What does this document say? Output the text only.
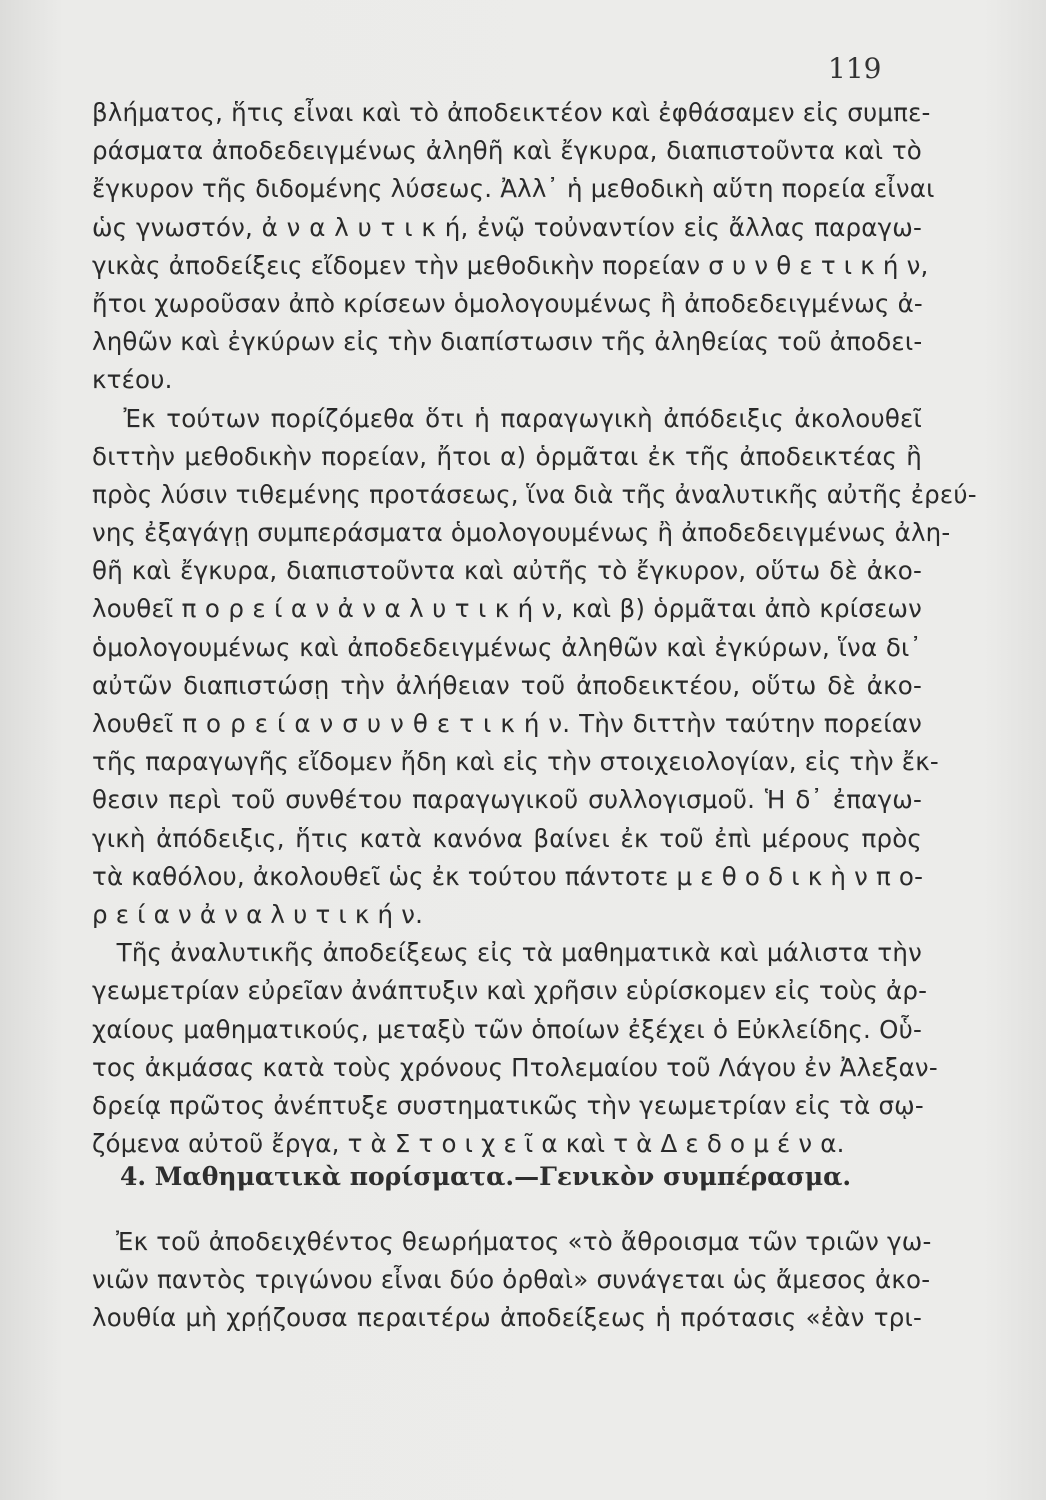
119
βλήματος, ἥτις εἶναι καὶ τὸ ἀποδεικτέον καὶ ἐφθάσαμεν εἰς συμπε-
ράσματα ἀποδεδειγμένως ἀληθῆ καὶ ἔγκυρα, διαπιστοῦντα καὶ τὸ
ἔγκυρον τῆς διδομένης λύσεως. Ἀλλ᾿ ἡ μεθοδικὴ αὕτη πορεία εἶναι
ὡς γνωστόν, ἀ ν α λ υ τ ι κ ή, ἐνῷ τοὐναντίον εἰς ἄλλας παραγω-
γικὰς ἀποδείξεις εἴδομεν τὴν μεθοδικὴν πορείαν σ υ ν θ ε τ ι κ ή ν,
ἤτοι χωροῦσαν ἀπὸ κρίσεων ὁμολογουμένως ἢ ἀποδεδειγμένως ἀ-
ληθῶν καὶ ἐγκύρων εἰς τὴν διαπίστωσιν τῆς ἀληθείας τοῦ ἀποδει-
κτέου.
Ἐκ τούτων πορίζόμεθα ὅτι ἡ παραγωγικὴ ἀπόδειξις ἀκολουθεῖ
διττὴν μεθοδικὴν πορείαν, ἤτοι α) ὁρμᾶται ἐκ τῆς ἀποδεικτέας ἢ
πρὸς λύσιν τιθεμένης προτάσεως, ἵνα διὰ τῆς ἀναλυτικῆς αὐτῆς ἐρεύ-
νης ἐξαγάγῃ συμπεράσματα ὁμολογουμένως ἢ ἀποδεδειγμένως ἀλη-
θῆ καὶ ἔγκυρα, διαπιστοῦντα καὶ αὐτῆς τὸ ἔγκυρον, οὕτω δὲ ἀκο-
λουθεῖ π ο ρ ε ί α ν ἀ ν α λ υ τ ι κ ή ν, καὶ β) ὁρμᾶται ἀπὸ κρίσεων
ὁμολογουμένως καὶ ἀποδεδειγμένως ἀληθῶν καὶ ἐγκύρων, ἵνα δι᾿
αὐτῶν διαπιστώσῃ τὴν ἀλήθειαν τοῦ ἀποδεικτέου, οὕτω δὲ ἀκο-
λουθεῖ π ο ρ ε ί α ν σ υ ν θ ε τ ι κ ή ν. Τὴν διττὴν ταύτην πορείαν
τῆς παραγωγῆς εἴδομεν ἤδη καὶ εἰς τὴν στοιχειολογίαν, εἰς τὴν ἔκ-
θεσιν περὶ τοῦ συνθέτου παραγωγικοῦ συλλογισμοῦ. Ἡ δ᾿ ἐπαγω-
γικὴ ἀπόδειξις, ἥτις κατὰ κανόνα βαίνει ἐκ τοῦ ἐπὶ μέρους πρὸς
τὰ καθόλου, ἀκολουθεῖ ὡς ἐκ τούτου πάντοτε μ ε θ ο δ ι κ ὴ ν π ο-
ρ ε ί α ν ἀ ν α λ υ τ ι κ ή ν.
Τῆς ἀναλυτικῆς ἀποδείξεως εἰς τὰ μαθηματικὰ καὶ μάλιστα τὴν
γεωμετρίαν εὐρεῖαν ἀνάπτυξιν καὶ χρῆσιν εὑρίσκομεν εἰς τοὺς ἀρ-
χαίους μαθηματικούς, μεταξὺ τῶν ὁποίων ἐξέχει ὁ Εὐκλείδης. Οὗ-
τος ἀκμάσας κατὰ τοὺς χρόνους Πτολεμαίου τοῦ Λάγου ἐν Ἀλεξαν-
δρείᾳ πρῶτος ἀνέπτυξε συστηματικῶς τὴν γεωμετρίαν εἰς τὰ σῳ-
ζόμενα αὐτοῦ ἔργα, τ ὰ Σ τ ο ι χ ε ῖ α καὶ τ ὰ Δ ε δ ο μ έ ν α.
4. Μαθηματικὰ πορίσματα.—Γενικὸν συμπέρασμα.
Ἐκ τοῦ ἀποδειχθέντος θεωρήματος «τὸ ἄθροισμα τῶν τριῶν γω-
νιῶν παντὸς τριγώνου εἶναι δύο ὀρθαὶ» συνάγεται ὡς ἄμεσος ἀκο-
λουθία μὴ χρῄζουσα περαιτέρω ἀποδείξεως ἡ πρότασις «ἐὰν τρι-
